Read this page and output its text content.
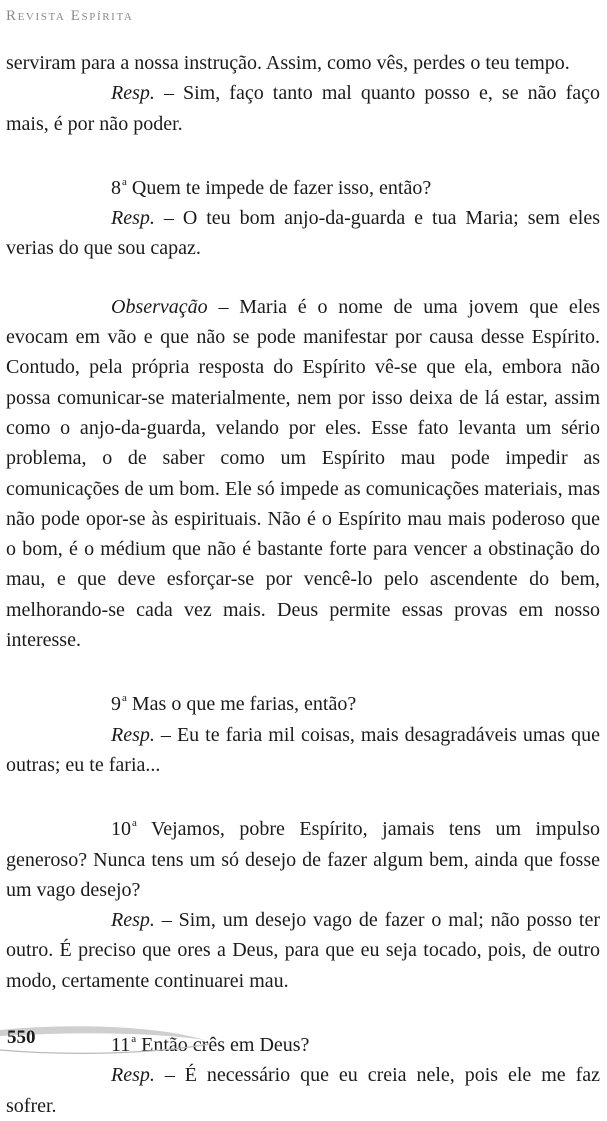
Revista Espírita

serviram para a nossa instrução. Assim, como vês, perdes o teu tempo.

Resp. – Sim, faço tanto mal quanto posso e, se não faço mais, é por não poder.

8$^a$ Quem te impede de fazer isso, então?

Resp. – O teu bom anjo-da-guarda e tua Maria; sem eles verias do que sou capaz.

Observação – Maria é o nome de uma jovem que eles evocam em vão e que não se pode manifestar por causa desse Espírito. Contudo, pela própria resposta do Espírito vê-se que ela, embora não possa comunicar-se materialmente, nem por isso deixa de lá estar, assim como o anjo-da-guarda, velando por eles. Esse fato levanta um sério problema, o de saber como um Espírito mau pode impedir as comunicações de um bom. Ele só impede as comunicações materiais, mas não pode opor-se às espirituais. Não é o Espírito mau mais poderoso que o bom, é o médium que não é bastante forte para vencer a obstinação do mau, e que deve esforçar-se por vencê-lo pelo ascendente do bem, melhorando-se cada vez mais. Deus permite essas provas em nosso interesse.

9$^a$ Mas o que me farias, então?

Resp. – Eu te faria mil coisas, mais desagradáveis umas que outras; eu te faria...

10$^a$ Vejamos, pobre Espírito, jamais tens um impulso generoso? Nunca tens um só desejo de fazer algum bem, ainda que fosse um vago desejo?

Resp. – Sim, um desejo vago de fazer o mal; não posso ter outro. É preciso que ores a Deus, para que eu seja tocado, pois, de outro modo, certamente continuarei mau.

11$^a$ Então crês em Deus?

Resp. – É necessário que eu creia nele, pois ele me faz sofrer.

550
